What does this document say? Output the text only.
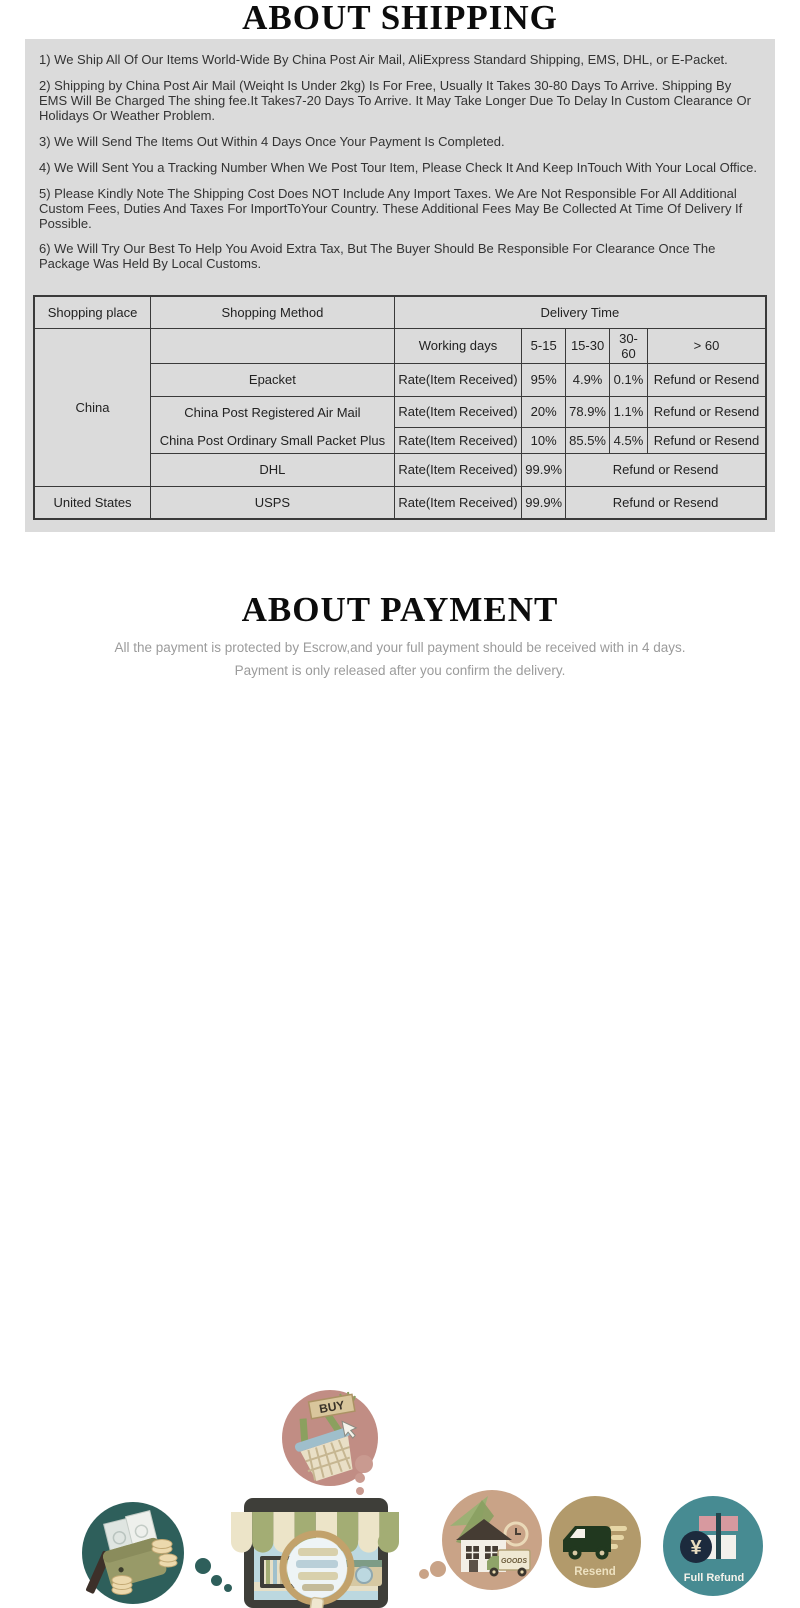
ABOUT SHIPPING

1) We Ship All Of Our Items World-Wide By China Post Air Mail, AliExpress Standard Shipping, EMS, DHL, or E-Packet.

2) Shipping by China Post Air Mail (Weiqht Is Under 2kg) Is For Free, Usually It Takes 30-80 Days To Arrive. Shipping By EMS Will Be Charged The shing fee.It Takes7-20 Days To Arrive. It May Take Longer Due To Delay In Custom Clearance Or Holidays Or Weather Problem.

3) We Will Send The Items Out Within 4 Days Once Your Payment Is Completed.

4) We Will Sent You a Tracking Number When We Post Tour Item, Please Check It And Keep InTouch With Your Local Office.

5) Please Kindly Note The Shipping Cost Does NOT Include Any Import Taxes. We Are Not Responsible For All Additional Custom Fees, Duties And Taxes For ImportToYour Country. These Additional Fees May Be Collected At Time Of Delivery If Possible.

6) We Will Try Our Best To Help You Avoid Extra Tax, But The Buyer Should Be Responsible For Clearance Once The Package Was Held By Local Customs.

Shopping place	Shopping Method	Delivery Time				
China		Working days	5-15	15-30	30-60	> 60
	Epacket	Rate(Item Received)	95%	4.9%	0.1%	Refund or Resend
	China Post Registered Air Mail	Rate(Item Received)	20%	78.9%	1.1%	Refund or Resend
	China Post Ordinary Small Packet Plus	Rate(Item Received)	10%	85.5%	4.5%	Refund or Resend
	DHL	Rate(Item Received)	99.9%	Refund or Resend		
United States	USPS	Rate(Item Received)	99.9%	Refund or Resend		
ABOUT PAYMENT

All the payment is protected by Escrow,and your full payment should be received with in 4 days.

Payment is only released after you confirm the delivery.

BUY
GOODS
Resend
¥
Full Refund
